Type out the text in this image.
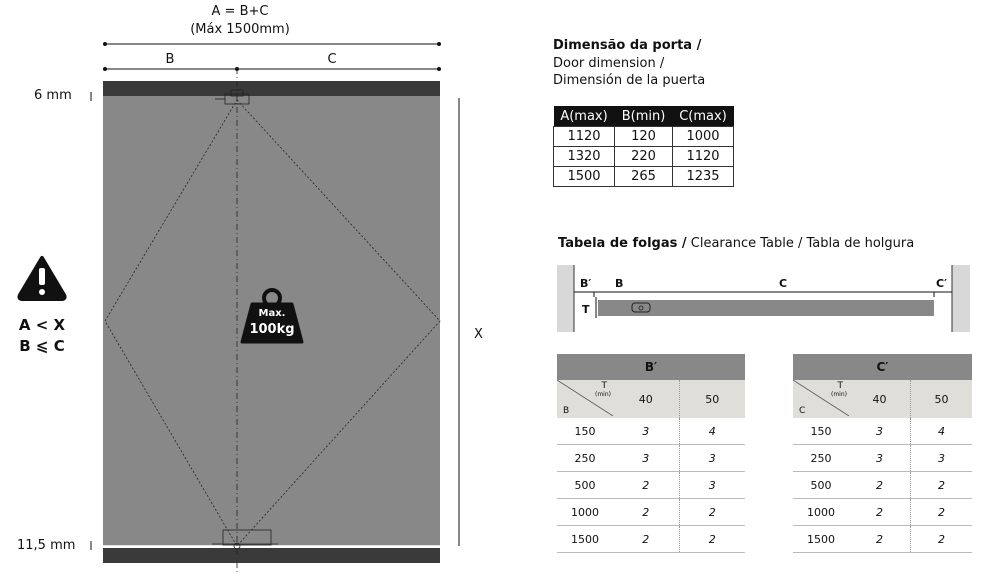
A = B+C
(Máx 1500mm)
B	C
6 mm
11,5 mm
X
A < X
B ⩽ C
Max.
100kg
Dimensão da porta /
Door dimension /
Dimensión de la puerta
A(max)	B(min)	C(max)
1120	120	1000
1320	220	1120
1500	265	1235
Tabela de folgas / Clearance Table / Tabla de holgura
B′ B	C	C′
T
B′		

T
(min)
B	40	50
150	3	4
250	3	3
500	2	3
1000	2	2
1500	2	2
C′		

T
(min)
C	40	50
150	3	4
250	3	3
500	2	2
1000	2	2
1500	2	2
